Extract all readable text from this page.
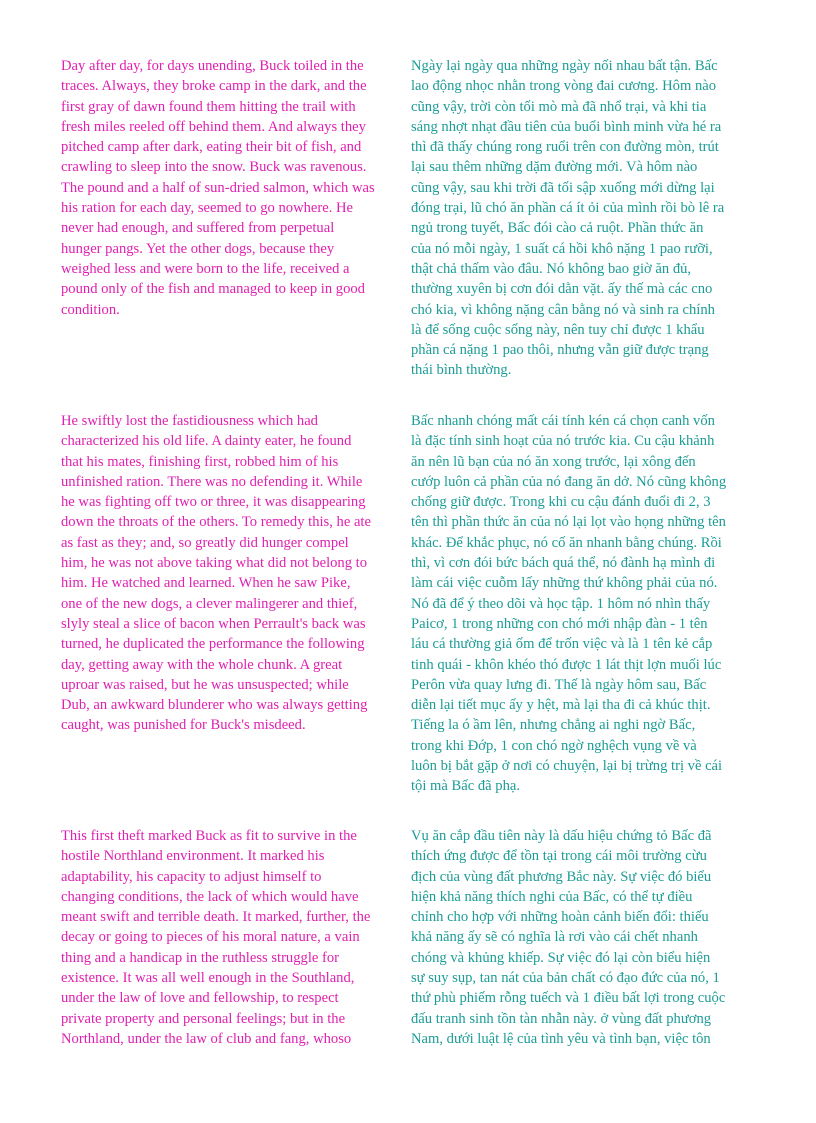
Day after day, for days unending, Buck toiled in the
traces. Always, they broke camp in the dark, and the
first gray of dawn found them hitting the trail with
fresh miles reeled off behind them. And always they
pitched camp after dark, eating their bit of fish, and
crawling to sleep into the snow. Buck was ravenous.
The pound and a half of sun-dried salmon, which was
his ration for each day, seemed to go nowhere. He
never had enough, and suffered from perpetual
hunger pangs. Yet the other dogs, because they
weighed less and were born to the life, received a
pound only of the fish and managed to keep in good
condition.
Ngày lại ngày qua những ngày nối nhau bất tận. Bấc
lao động nhọc nhằn trong vòng đai cương. Hôm nào
cũng vậy, trời còn tối mò mà đã nhổ trại, và khi tia
sáng nhợt nhạt đầu tiên của buổi bình minh vừa hé ra
thì đã thấy chúng rong ruổi trên con đường mòn, trút
lại sau thêm những dặm đường mới. Và hôm nào
cũng vậy, sau khi trời đã tối sập xuống mới dừng lại
đóng trại, lũ chó ăn phần cá ít ỏi của mình rồi bò lê ra
ngủ trong tuyết, Bấc đói cào cả ruột. Phần thức ăn
của nó mỗi ngày, 1 suất cá hồi khô nặng 1 pao rưỡi,
thật chả thấm vào đâu. Nó không bao giờ ăn đủ,
thường xuyên bị cơn đói dằn vặt. ấy thế mà các cno
chó kia, vì không nặng cân bằng nó và sinh ra chính
là để sống cuộc sống này, nên tuy chỉ được 1 khẩu
phần cá nặng 1 pao thôi, nhưng vẫn giữ được trạng
thái bình thường.
He swiftly lost the fastidiousness which had
characterized his old life. A dainty eater, he found
that his mates, finishing first, robbed him of his
unfinished ration. There was no defending it. While
he was fighting off two or three, it was disappearing
down the throats of the others. To remedy this, he ate
as fast as they; and, so greatly did hunger compel
him, he was not above taking what did not belong to
him. He watched and learned. When he saw Pike,
one of the new dogs, a clever malingerer and thief,
slyly steal a slice of bacon when Perrault's back was
turned, he duplicated the performance the following
day, getting away with the whole chunk. A great
uproar was raised, but he was unsuspected; while
Dub, an awkward blunderer who was always getting
caught, was punished for Buck's misdeed.
Bấc nhanh chóng mất cái tính kén cá chọn canh vốn
là đặc tính sinh hoạt của nó trước kia. Cu cậu khảnh
ăn nên lũ bạn của nó ăn xong trước, lại xông đến
cướp luôn cả phần của nó đang ăn dở. Nó cũng không
chống giữ được. Trong khi cu cậu đánh đuổi đi 2, 3
tên thì phần thức ăn của nó lại lọt vào họng những tên
khác. Để khắc phục, nó cố ăn nhanh bằng chúng. Rồi
thì, vì cơn đói bức bách quá thể, nó đành hạ mình đi
làm cái việc cuỗm lấy những thứ không phải của nó.
Nó đã để ý theo dõi và học tập. 1 hôm nó nhìn thấy
Paicơ, 1 trong những con chó mới nhập đàn - 1 tên
láu cá thường giả ốm để trốn việc và là 1 tên kẻ cắp
tinh quái - khôn khéo thó được 1 lát thịt lợn muối lúc
Perôn vừa quay lưng đi. Thế là ngày hôm sau, Bấc
diễn lại tiết mục ấy y hệt, mà lại tha đi cả khúc thịt.
Tiếng la ó ầm lên, nhưng chẳng ai nghi ngờ Bấc,
trong khi Đớp, 1 con chó ngờ nghệch vụng về và
luôn bị bắt gặp ở nơi có chuyện, lại bị trừng trị về cái
tội mà Bấc đã phạ.
This first theft marked Buck as fit to survive in the
hostile Northland environment. It marked his
adaptability, his capacity to adjust himself to
changing conditions, the lack of which would have
meant swift and terrible death. It marked, further, the
decay or going to pieces of his moral nature, a vain
thing and a handicap in the ruthless struggle for
existence. It was all well enough in the Southland,
under the law of love and fellowship, to respect
private property and personal feelings; but in the
Northland, under the law of club and fang, whoso
Vụ ăn cắp đầu tiên này là dấu hiệu chứng tỏ Bấc đã
thích ứng được để tồn tại trong cái môi trường cừu
địch của vùng đất phương Bắc này. Sự việc đó biểu
hiện khả năng thích nghi của Bấc, có thể tự điều
chỉnh cho hợp với những hoàn cảnh biến đổi: thiếu
khả năng ấy sẽ có nghĩa là rơi vào cái chết nhanh
chóng và khủng khiếp. Sự việc đó lại còn biểu hiện
sự suy sụp, tan nát của bản chất có đạo đức của nó, 1
thứ phù phiếm rỗng tuếch và 1 điều bất lợi trong cuộc
đấu tranh sinh tồn tàn nhẫn này. ở vùng đất phương
Nam, dưới luật lệ của tình yêu và tình bạn, việc tôn
